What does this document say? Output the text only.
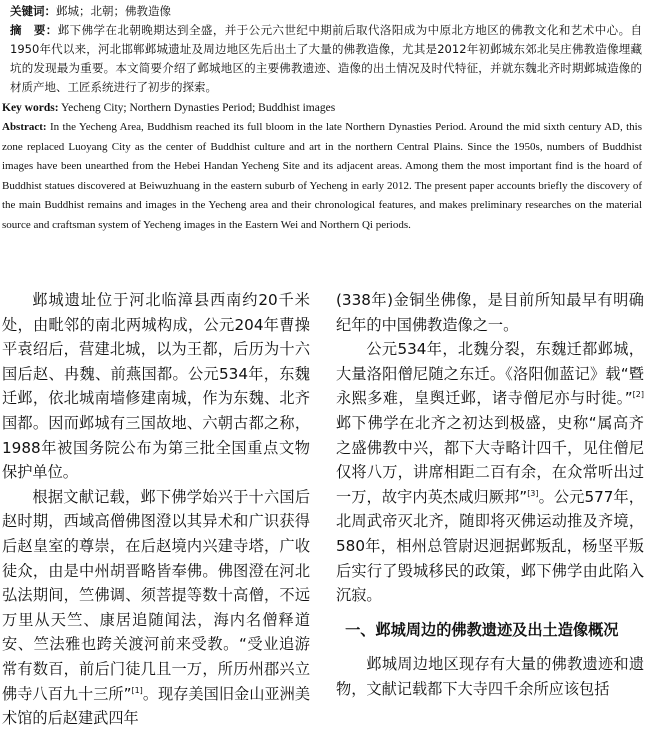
关键词：邺城；北朝；佛教造像
摘　要：邺下佛学在北朝晚期达到全盛，并于公元六世纪中期前后取代洛阳成为中原北方地区的佛教文化和艺术中心。自1950年代以来，河北邯郸邺城遗址及周边地区先后出土了大量的佛教造像，尤其是2012年初邺城东郊北吴庄佛教造像埋藏坑的发现最为重要。本文简要介绍了邺城地区的主要佛教遗迹、造像的出土情况及时代特征，并就东魏北齐时期邺城造像的材质产地、工匠系统进行了初步的探索。
Key words: Yecheng City; Northern Dynasties Period; Buddhist images
Abstract: In the Yecheng Area, Buddhism reached its full bloom in the late Northern Dynasties Period. Around the mid sixth century AD, this zone replaced Luoyang City as the center of Buddhist culture and art in the northern Central Plains. Since the 1950s, numbers of Buddhist images have been unearthed from the Hebei Handan Yecheng Site and its adjacent areas. Among them the most important find is the hoard of Buddhist statues discovered at Beiwuzhuang in the eastern suburb of Yecheng in early 2012. The present paper accounts briefly the discovery of the main Buddhist remains and images in the Yecheng area and their chronological features, and makes preliminary researches on the material source and craftsman system of Yecheng images in the Eastern Wei and Northern Qi periods.

邺城遗址位于河北临漳县西南约20千米处，由毗邻的南北两城构成，公元204年曹操平袁绍后，营建北城，以为王都，后历为十六国后赵、冉魏、前燕国都。公元534年，东魏迁邺，依北城南墙修建南城，作为东魏、北齐国都。因而邺城有三国故地、六朝古都之称，1988年被国务院公布为第三批全国重点文物保护单位。

根据文献记载，邺下佛学始兴于十六国后赵时期，西域高僧佛图澄以其异术和广识获得后赵皇室的尊崇，在后赵境内兴建寺塔，广收徒众，由是中州胡晋略皆奉佛。佛图澄在河北弘法期间，竺佛调、须菩提等数十高僧，不远万里从天竺、康居追随闻法，海内名僧释道安、竺法雅也跨关渡河前来受教。“受业追游常有数百，前后门徒几且一万，所历州郡兴立佛寺八百九十三所”[1]。现存美国旧金山亚洲美术馆的后赵建武四年

(338年)金铜坐佛像，是目前所知最早有明确纪年的中国佛教造像之一。

公元534年，北魏分裂，东魏迁都邺城，大量洛阳僧尼随之东迁。《洛阳伽蓝记》载“暨永熙多难，皇舆迁邺，诸寺僧尼亦与时徙。”[2]邺下佛学在北齐之初达到极盛，史称“属高齐之盛佛教中兴，都下大寺略计四千，见住僧尼仅将八万，讲席相距二百有余，在众常听出过一万，故宇内英杰咸归厥邦”[3]。公元577年，北周武帝灭北齐，随即将灭佛运动推及齐境，580年，相州总管尉迟迥据邺叛乱，杨坚平叛后实行了毁城移民的政策，邺下佛学由此陷入沉寂。

一、邺城周边的佛教遗迹及出土造像概况

邺城周边地区现存有大量的佛教遗迹和遗物，文献记载都下大寺四千余所应该包括
